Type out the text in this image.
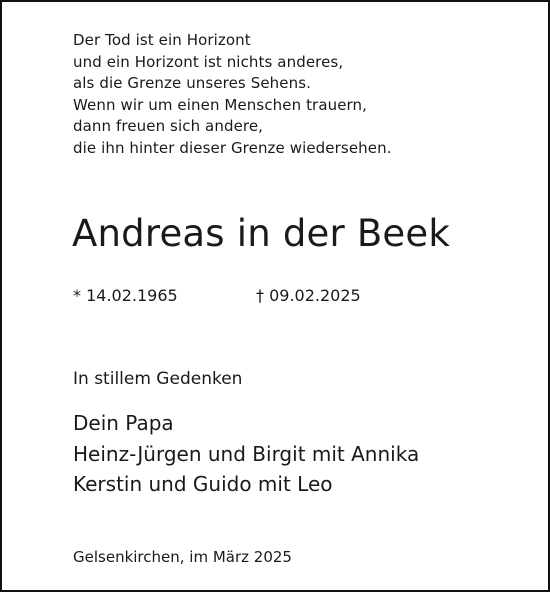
Der Tod ist ein Horizont
und ein Horizont ist nichts anderes,
als die Grenze unseres Sehens.
Wenn wir um einen Menschen trauern,
dann freuen sich andere,
die ihn hinter dieser Grenze wiedersehen.
Andreas in der Beek
* 14.02.1965	† 09.02.2025
In stillem Gedenken
Dein Papa
Heinz-Jürgen und Birgit mit Annika
Kerstin und Guido mit Leo
Gelsenkirchen, im März 2025
